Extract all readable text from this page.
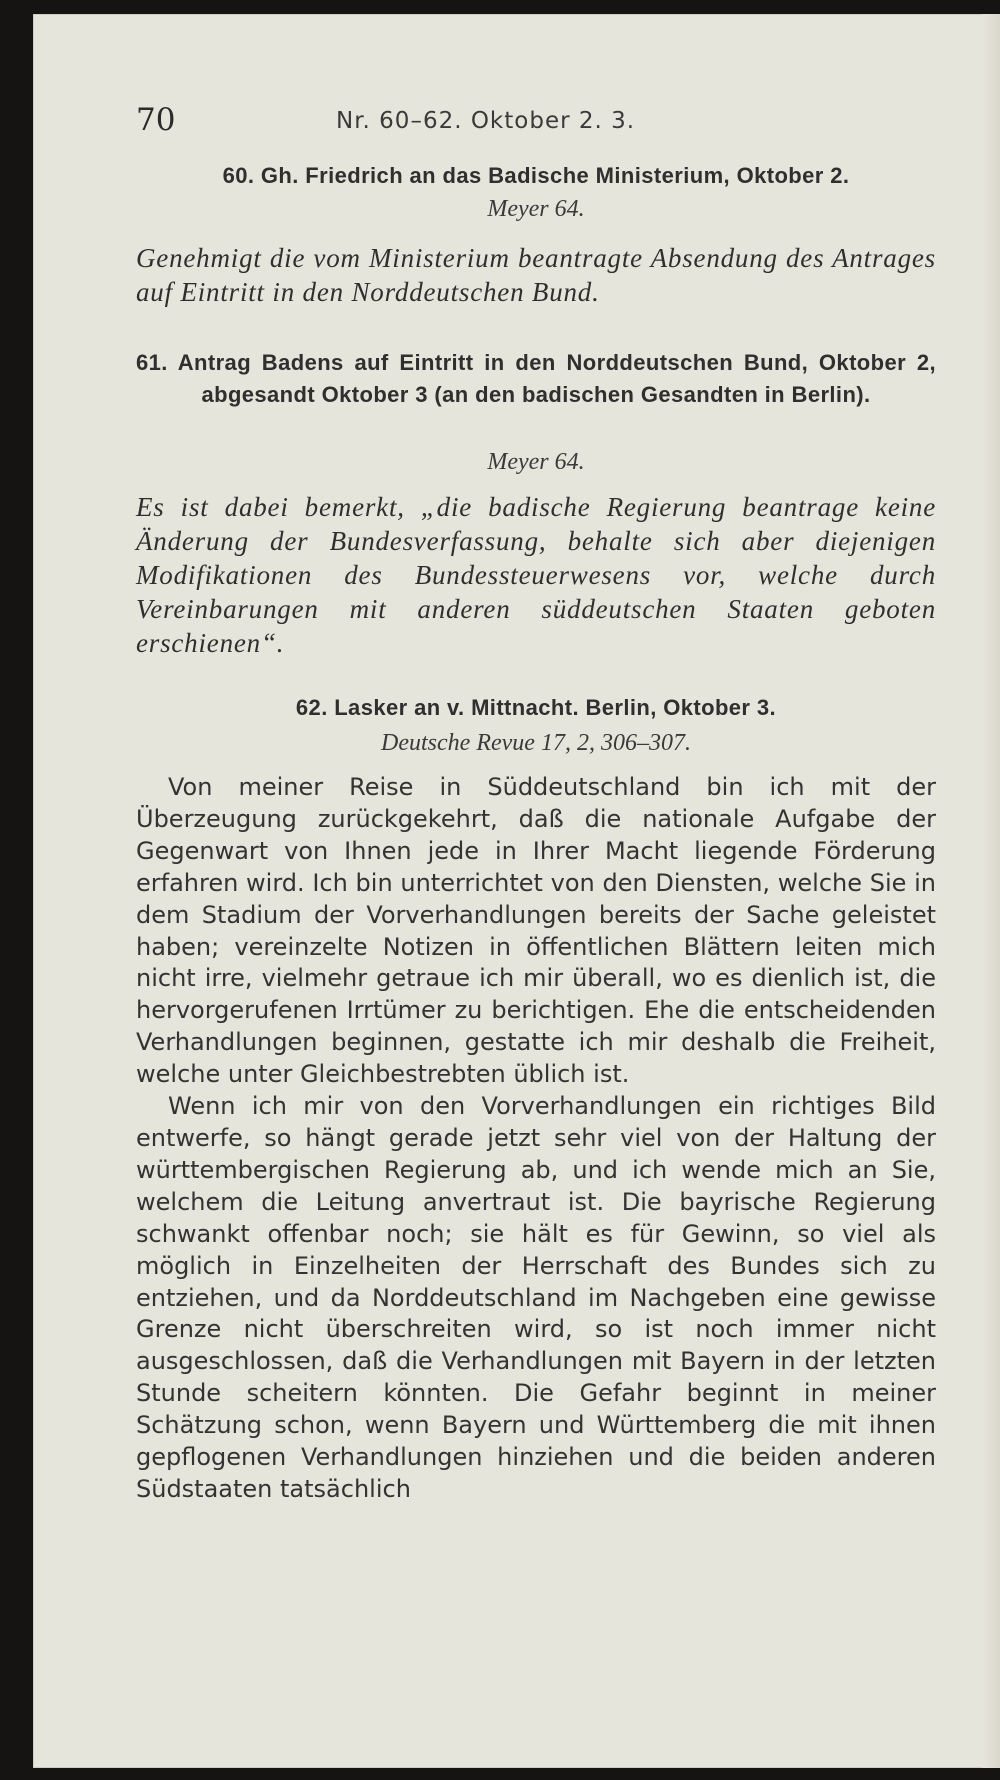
70	Nr. 60–62. Oktober 2. 3.
60. Gh. Friedrich an das Badische Ministerium, Oktober 2.
Meyer 64.
Genehmigt die vom Ministerium beantragte Absendung des Antrages auf Eintritt in den Norddeutschen Bund.
61. Antrag Badens auf Eintritt in den Norddeutschen Bund, Oktober 2, abgesandt Oktober 3 (an den badischen Gesandten in Berlin).
Meyer 64.
Es ist dabei bemerkt, „die badische Regierung beantrage keine Änderung der Bundesverfassung, behalte sich aber diejenigen Modifikationen des Bundessteuerwesens vor, welche durch Vereinbarungen mit anderen süddeutschen Staaten geboten erschienen“.
62. Lasker an v. Mittnacht. Berlin, Oktober 3.
Deutsche Revue 17, 2, 306–307.

Von meiner Reise in Süddeutschland bin ich mit der Überzeugung zurückgekehrt, daß die nationale Aufgabe der Gegenwart von Ihnen jede in Ihrer Macht liegende Förderung erfahren wird. Ich bin unterrichtet von den Diensten, welche Sie in dem Stadium der Vorverhandlungen bereits der Sache geleistet haben; vereinzelte Notizen in öffentlichen Blättern leiten mich nicht irre, vielmehr getraue ich mir überall, wo es dienlich ist, die hervorgerufenen Irrtümer zu berichtigen. Ehe die entscheidenden Verhandlungen beginnen, gestatte ich mir deshalb die Freiheit, welche unter Gleichbestrebten üblich ist.

Wenn ich mir von den Vorverhandlungen ein richtiges Bild entwerfe, so hängt gerade jetzt sehr viel von der Haltung der württembergischen Regierung ab, und ich wende mich an Sie, welchem die Leitung anvertraut ist. Die bayrische Regierung schwankt offenbar noch; sie hält es für Gewinn, so viel als möglich in Einzelheiten der Herrschaft des Bundes sich zu entziehen, und da Norddeutschland im Nachgeben eine gewisse Grenze nicht überschreiten wird, so ist noch immer nicht ausgeschlossen, daß die Verhandlungen mit Bayern in der letzten Stunde scheitern könnten. Die Gefahr beginnt in meiner Schätzung schon, wenn Bayern und Württemberg die mit ihnen gepflogenen Verhandlungen hinziehen und die beiden anderen Südstaaten tatsächlich
